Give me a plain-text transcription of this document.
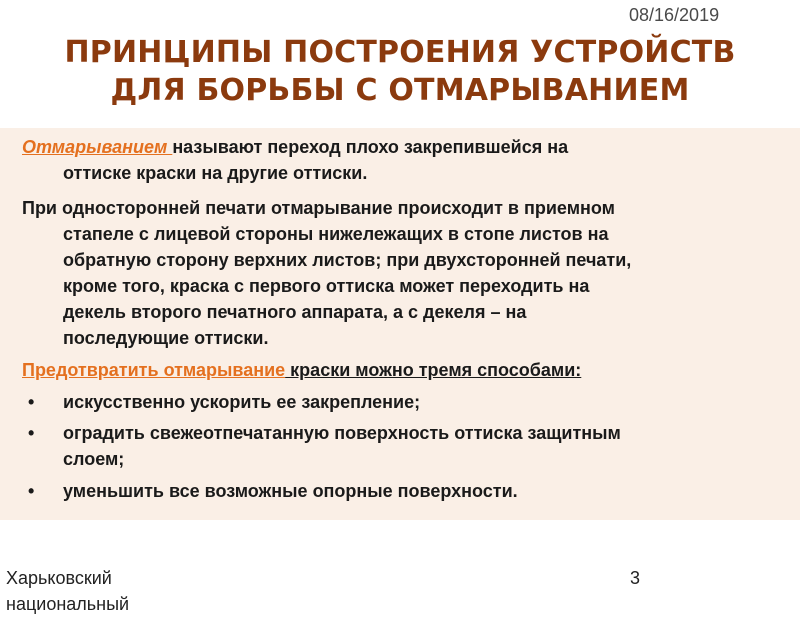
08/16/2019
ПРИНЦИПЫ ПОСТРОЕНИЯ УСТРОЙСТВ
ДЛЯ БОРЬБЫ С ОТМАРЫВАНИЕМ
Отмарыванием называют переход плохо закрепившейся на
оттиске краски на другие оттиски.
При односторонней печати отмарывание происходит в приемном
стапеле с лицевой стороны нижележащих в стопе листов на
обратную сторону верхних листов; при двухсторонней печати,
кроме того, краска с первого оттиска может переходить на
декель второго печатного аппарата, а с декеля – на
последующие оттиски.
Предотвратить отмарывание краски можно тремя способами:
•	искусственно ускорить ее закрепление;
•	оградить свежеотпечатанную поверхность оттиска защитным
слоем;
•	уменьшить все возможные опорные поверхности.
Харьковский
национальный
3
